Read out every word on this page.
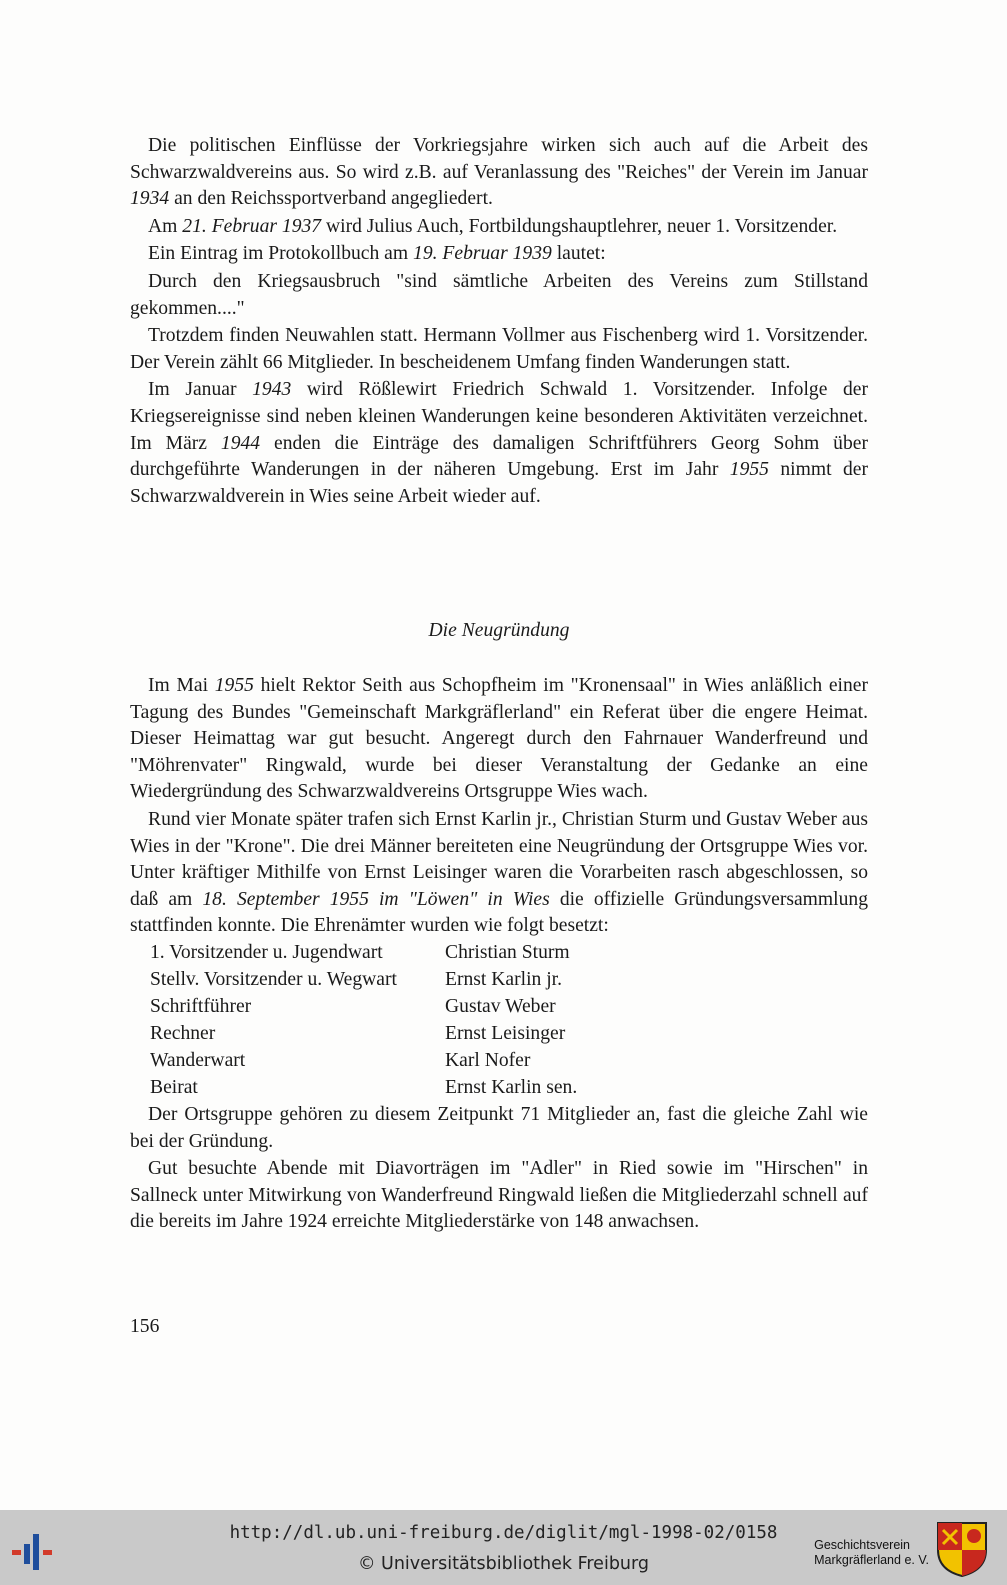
Die politischen Einflüsse der Vorkriegsjahre wirken sich auch auf die Arbeit des Schwarzwaldvereins aus. So wird z.B. auf Veranlassung des "Reiches" der Verein im Januar 1934 an den Reichssportverband angegliedert.

Am 21. Februar 1937 wird Julius Auch, Fortbildungshauptlehrer, neuer 1. Vorsitzender.

Ein Eintrag im Protokollbuch am 19. Februar 1939 lautet:

Durch den Kriegsausbruch "sind sämtliche Arbeiten des Vereins zum Stillstand gekommen...."

Trotzdem finden Neuwahlen statt. Hermann Vollmer aus Fischenberg wird 1. Vorsitzender. Der Verein zählt 66 Mitglieder. In bescheidenem Umfang finden Wanderungen statt.

Im Januar 1943 wird Rößlewirt Friedrich Schwald 1. Vorsitzender. Infolge der Kriegsereignisse sind neben kleinen Wanderungen keine besonderen Aktivitäten verzeichnet. Im März 1944 enden die Einträge des damaligen Schriftführers Georg Sohm über durchgeführte Wanderungen in der näheren Umgebung. Erst im Jahr 1955 nimmt der Schwarzwaldverein in Wies seine Arbeit wieder auf.

Die Neugründung

Im Mai 1955 hielt Rektor Seith aus Schopfheim im "Kronensaal" in Wies anläßlich einer Tagung des Bundes "Gemeinschaft Markgräflerland" ein Referat über die engere Heimat. Dieser Heimattag war gut besucht. Angeregt durch den Fahrnauer Wanderfreund und "Möhrenvater" Ringwald, wurde bei dieser Veranstaltung der Gedanke an eine Wiedergründung des Schwarzwaldvereins Ortsgruppe Wies wach.

Rund vier Monate später trafen sich Ernst Karlin jr., Christian Sturm und Gustav Weber aus Wies in der "Krone". Die drei Männer bereiteten eine Neugründung der Ortsgruppe Wies vor. Unter kräftiger Mithilfe von Ernst Leisinger waren die Vorarbeiten rasch abgeschlossen, so daß am 18. September 1955 im "Löwen" in Wies die offizielle Gründungsversammlung stattfinden konnte. Die Ehrenämter wurden wie folgt besetzt:

1. Vorsitzender u. Jugendwart	Christian Sturm
Stellv. Vorsitzender u. Wegwart	Ernst Karlin jr.
Schriftführer	Gustav Weber
Rechner	Ernst Leisinger
Wanderwart	Karl Nofer
Beirat	Ernst Karlin sen.

Der Ortsgruppe gehören zu diesem Zeitpunkt 71 Mitglieder an, fast die gleiche Zahl wie bei der Gründung.

Gut besuchte Abende mit Diavorträgen im "Adler" in Ried sowie im "Hirschen" in Sallneck unter Mitwirkung von Wanderfreund Ringwald ließen die Mitgliederzahl schnell auf die bereits im Jahre 1924 erreichte Mitgliederstärke von 148 anwachsen.

156
http://dl.ub.uni-freiburg.de/diglit/mgl-1998-02/0158
© Universitätsbibliothek Freiburg
Geschichtsverein
Markgräflerland e. V.
